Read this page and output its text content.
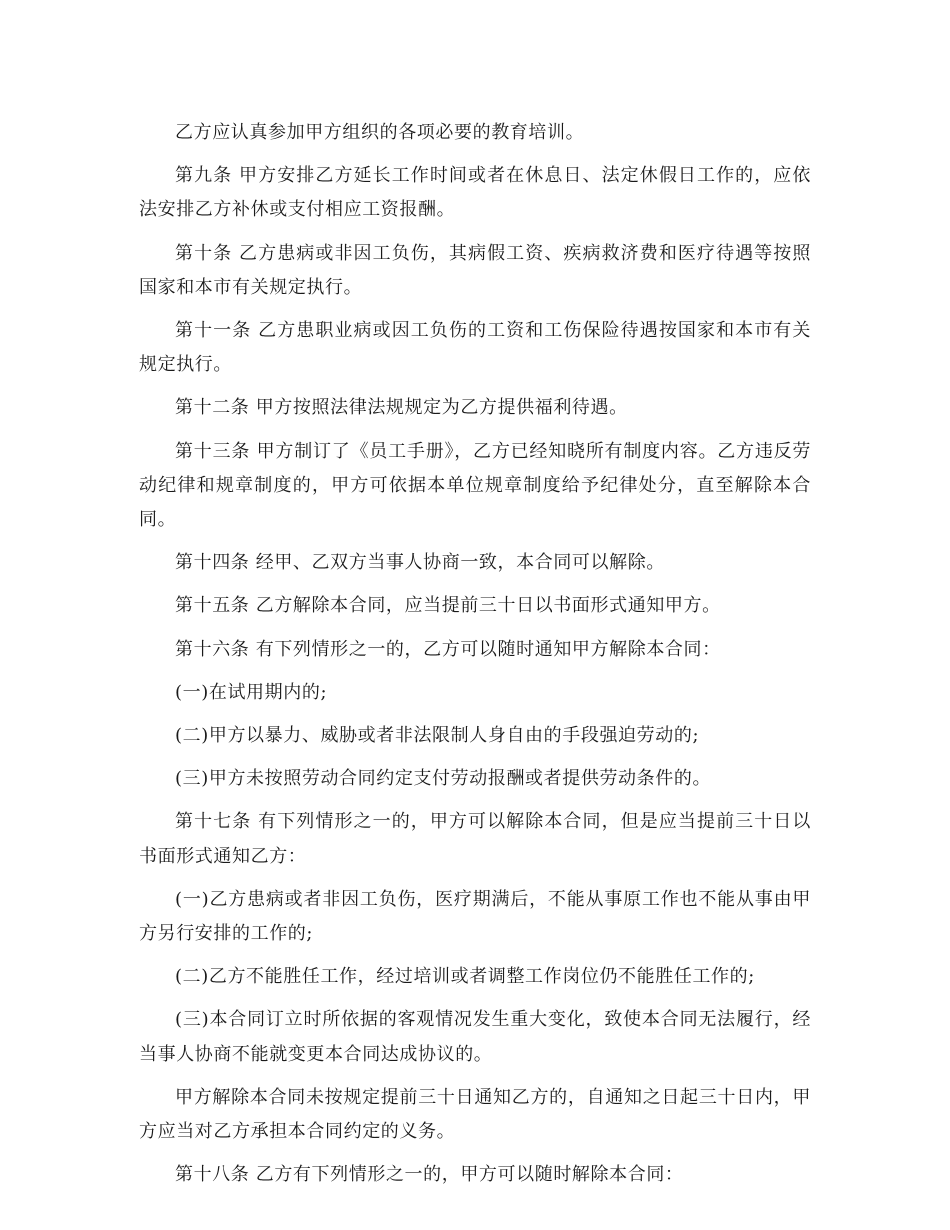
乙方应认真参加甲方组织的各项必要的教育培训。

第九条 甲方安排乙方延长工作时间或者在休息日、法定休假日工作的，应依法安排乙方补休或支付相应工资报酬。

第十条 乙方患病或非因工负伤，其病假工资、疾病救济费和医疗待遇等按照国家和本市有关规定执行。

第十一条 乙方患职业病或因工负伤的工资和工伤保险待遇按国家和本市有关规定执行。

第十二条 甲方按照法律法规规定为乙方提供福利待遇。

第十三条 甲方制订了《员工手册》，乙方已经知晓所有制度内容。乙方违反劳动纪律和规章制度的，甲方可依据本单位规章制度给予纪律处分，直至解除本合同。

第十四条 经甲、乙双方当事人协商一致，本合同可以解除。

第十五条 乙方解除本合同，应当提前三十日以书面形式通知甲方。

第十六条 有下列情形之一的，乙方可以随时通知甲方解除本合同：

(一)在试用期内的;

(二)甲方以暴力、威胁或者非法限制人身自由的手段强迫劳动的;

(三)甲方未按照劳动合同约定支付劳动报酬或者提供劳动条件的。

第十七条 有下列情形之一的，甲方可以解除本合同，但是应当提前三十日以书面形式通知乙方：

(一)乙方患病或者非因工负伤，医疗期满后，不能从事原工作也不能从事由甲方另行安排的工作的;

(二)乙方不能胜任工作，经过培训或者调整工作岗位仍不能胜任工作的;

(三)本合同订立时所依据的客观情况发生重大变化，致使本合同无法履行，经当事人协商不能就变更本合同达成协议的。

甲方解除本合同未按规定提前三十日通知乙方的，自通知之日起三十日内，甲方应当对乙方承担本合同约定的义务。

第十八条 乙方有下列情形之一的，甲方可以随时解除本合同：
